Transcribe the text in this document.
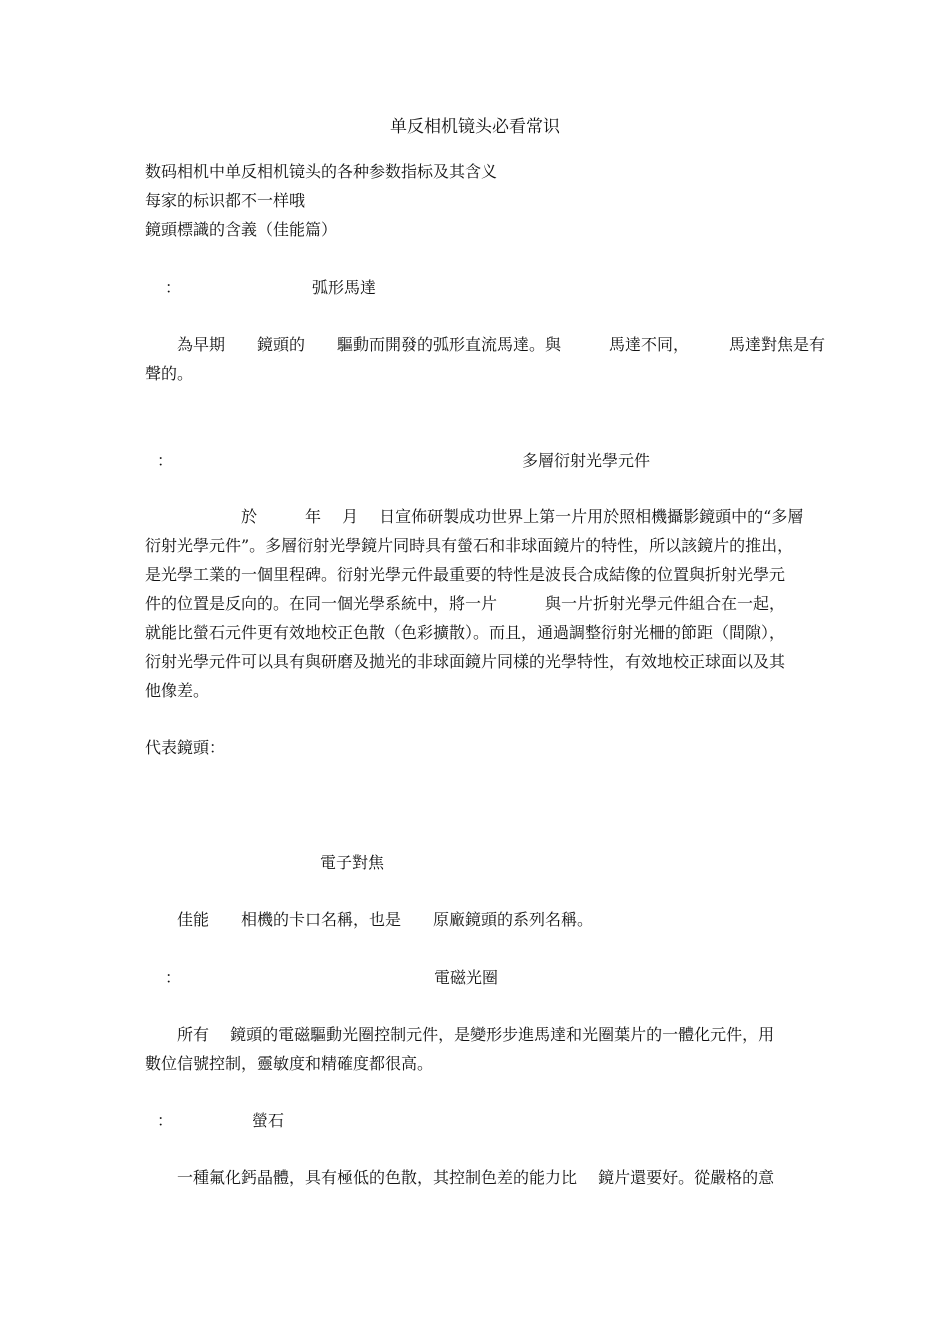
单反相机镜头必看常识
数码相机中单反相机镜头的各种参数指标及其含义
每家的标识都不一样哦
鏡頭標識的含義（佳能篇）
：	弧形馬達
為早期　　鏡頭的　　驅動而開發的弧形直流馬達。與　　　馬達不同，　　　馬達對焦是有
聲的。
：	多層衍射光學元件
　　　　　　於　　　年　 月　 日宣佈研製成功世界上第一片用於照相機攝影鏡頭中的“多層
衍射光學元件”。多層衍射光學鏡片同時具有螢石和非球面鏡片的特性，所以該鏡片的推出，
是光學工業的一個里程碑。衍射光學元件最重要的特性是波長合成結像的位置與折射光學元
件的位置是反向的。在同一個光學系統中，將一片　　　與一片折射光學元件組合在一起，
就能比螢石元件更有效地校正色散（色彩擴散）。而且，通過調整衍射光柵的節距（間隙），
衍射光學元件可以具有與研磨及拋光的非球面鏡片同樣的光學特性，有效地校正球面以及其
他像差。
代表鏡頭：
電子對焦
佳能　　相機的卡口名稱，也是　　原廠鏡頭的系列名稱。
：	電磁光圈
所有　 鏡頭的電磁驅動光圈控制元件，是變形步進馬達和光圈葉片的一體化元件，用
數位信號控制，靈敏度和精確度都很高。
：	螢石
一種氟化鈣晶體，具有極低的色散，其控制色差的能力比　 鏡片還要好。從嚴格的意
